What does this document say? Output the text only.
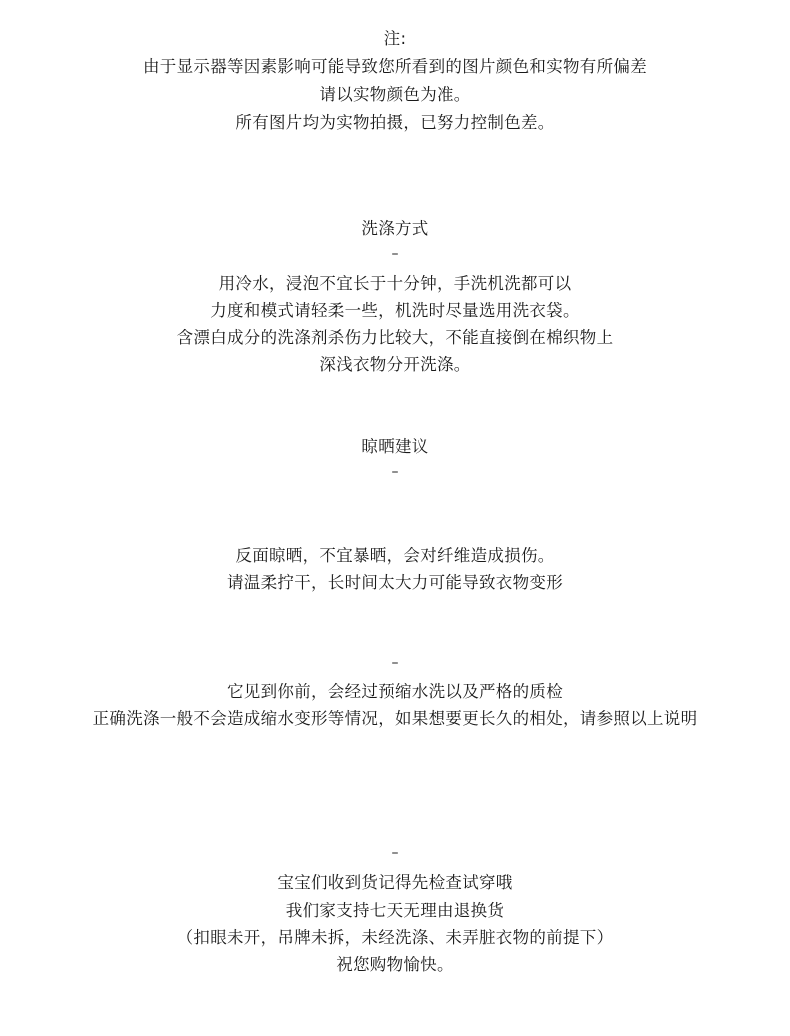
注:
由于显示器等因素影响可能导致您所看到的图片颜色和实物有所偏差
请以实物颜色为准。
所有图片均为实物拍摄，已努力控制色差。
洗涤方式
–
用冷水，浸泡不宜长于十分钟，手洗机洗都可以
力度和模式请轻柔一些，机洗时尽量选用洗衣袋。
含漂白成分的洗涤剂杀伤力比较大，不能直接倒在棉织物上
深浅衣物分开洗涤。
晾晒建议
–
反面晾晒，不宜暴晒，会对纤维造成损伤。
请温柔拧干，长时间太大力可能导致衣物变形
–
它见到你前，会经过预缩水洗以及严格的质检
正确洗涤一般不会造成缩水变形等情况，如果想要更长久的相处，请参照以上说明
–
宝宝们收到货记得先检查试穿哦
我们家支持七天无理由退换货
（扣眼未开，吊牌未拆，未经洗涤、未弄脏衣物的前提下）
祝您购物愉快。
